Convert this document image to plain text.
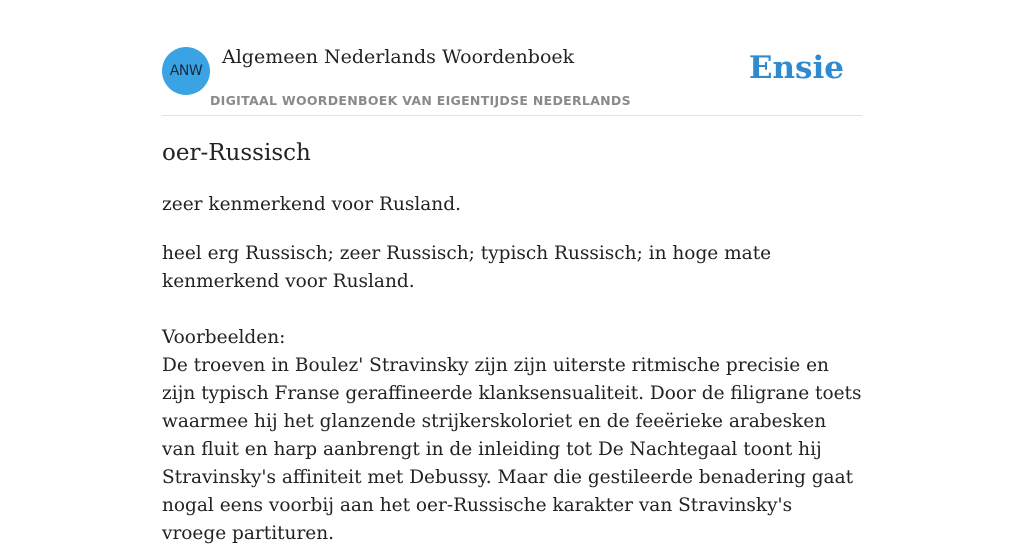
ANW
Algemeen Nederlands Woordenboek
DIGITAAL WOORDENBOEK VAN EIGENTIJDSE NEDERLANDS
Ensie
oer-Russisch

zeer kenmerkend voor Rusland.

heel erg Russisch; zeer Russisch; typisch Russisch; in hoge mate kenmerkend voor Rusland.

Voorbeelden:

De troeven in Boulez' Stravinsky zijn zijn uiterste ritmische precisie en zijn typisch Franse geraffineerde klanksensualiteit. Door de filigrane toets waarmee hij het glanzende strijkerskoloriet en de feeërieke arabesken van fluit en harp aanbrengt in de inleiding tot De Nachtegaal toont hij Stravinsky's affiniteit met Debussy. Maar die gestileerde benadering gaat nogal eens voorbij aan het oer-Russische karakter van Stravinsky's vroege partituren.
